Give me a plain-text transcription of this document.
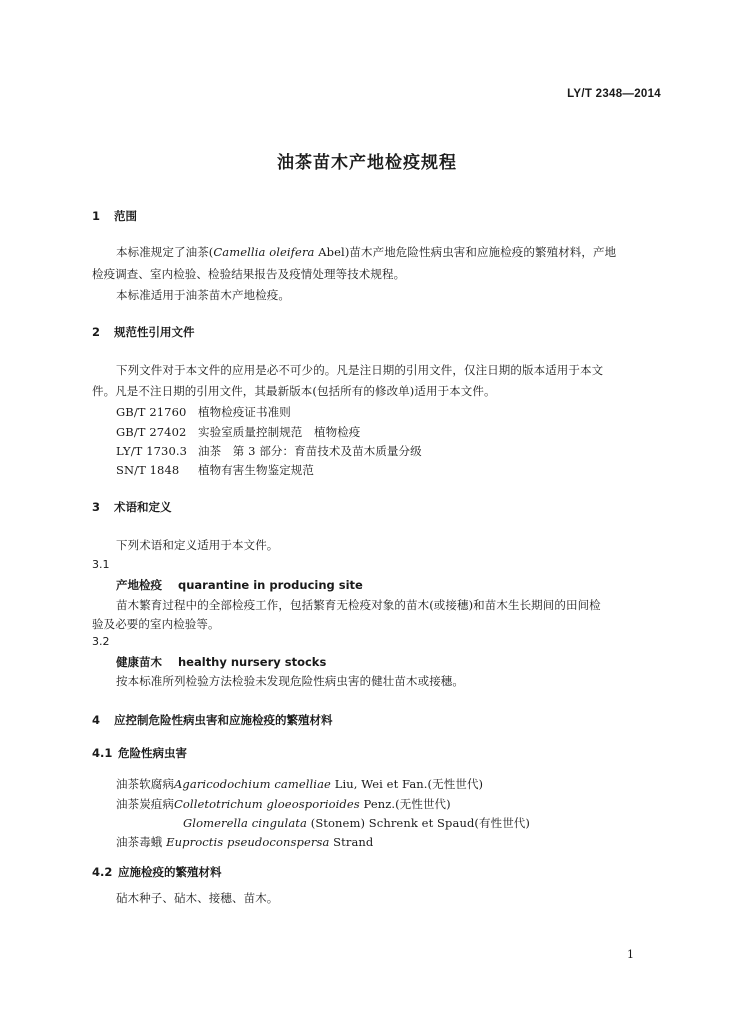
LY/T 2348—2014
油茶苗木产地检疫规程
1 范围
本标准规定了油茶(Camellia oleifera Abel)苗木产地危险性病虫害和应施检疫的繁殖材料，产地
检疫调查、室内检验、检验结果报告及疫情处理等技术规程。
本标准适用于油茶苗木产地检疫。
2 规范性引用文件
下列文件对于本文件的应用是必不可少的。凡是注日期的引用文件，仅注日期的版本适用于本文
件。凡是不注日期的引用文件，其最新版本(包括所有的修改单)适用于本文件。
GB/T 21760 植物检疫证书准则
GB/T 27402 实验室质量控制规范　植物检疫
LY/T 1730.3 油茶　第 3 部分：育苗技术及苗木质量分级
SN/T 1848 植物有害生物鉴定规范
3 术语和定义
下列术语和定义适用于本文件。
3.1
产地检疫 quarantine in producing site
苗木繁育过程中的全部检疫工作，包括繁育无检疫对象的苗木(或接穗)和苗木生长期间的田间检
验及必要的室内检验等。
3.2
健康苗木 healthy nursery stocks
按本标准所列检验方法检验未发现危险性病虫害的健壮苗木或接穗。
4 应控制危险性病虫害和应施检疫的繁殖材料
4.1 危险性病虫害
油茶软腐病Agaricodochium camelliae Liu, Wei et Fan.(无性世代)
油茶炭疽病Colletotrichum gloeosporioides Penz.(无性世代)
Glomerella cingulata (Stonem) Schrenk et Spaud(有性世代)
油茶毒蛾 Euproctis pseudoconspersa Strand
4.2 应施检疫的繁殖材料
砧木种子、砧木、接穗、苗木。
1
